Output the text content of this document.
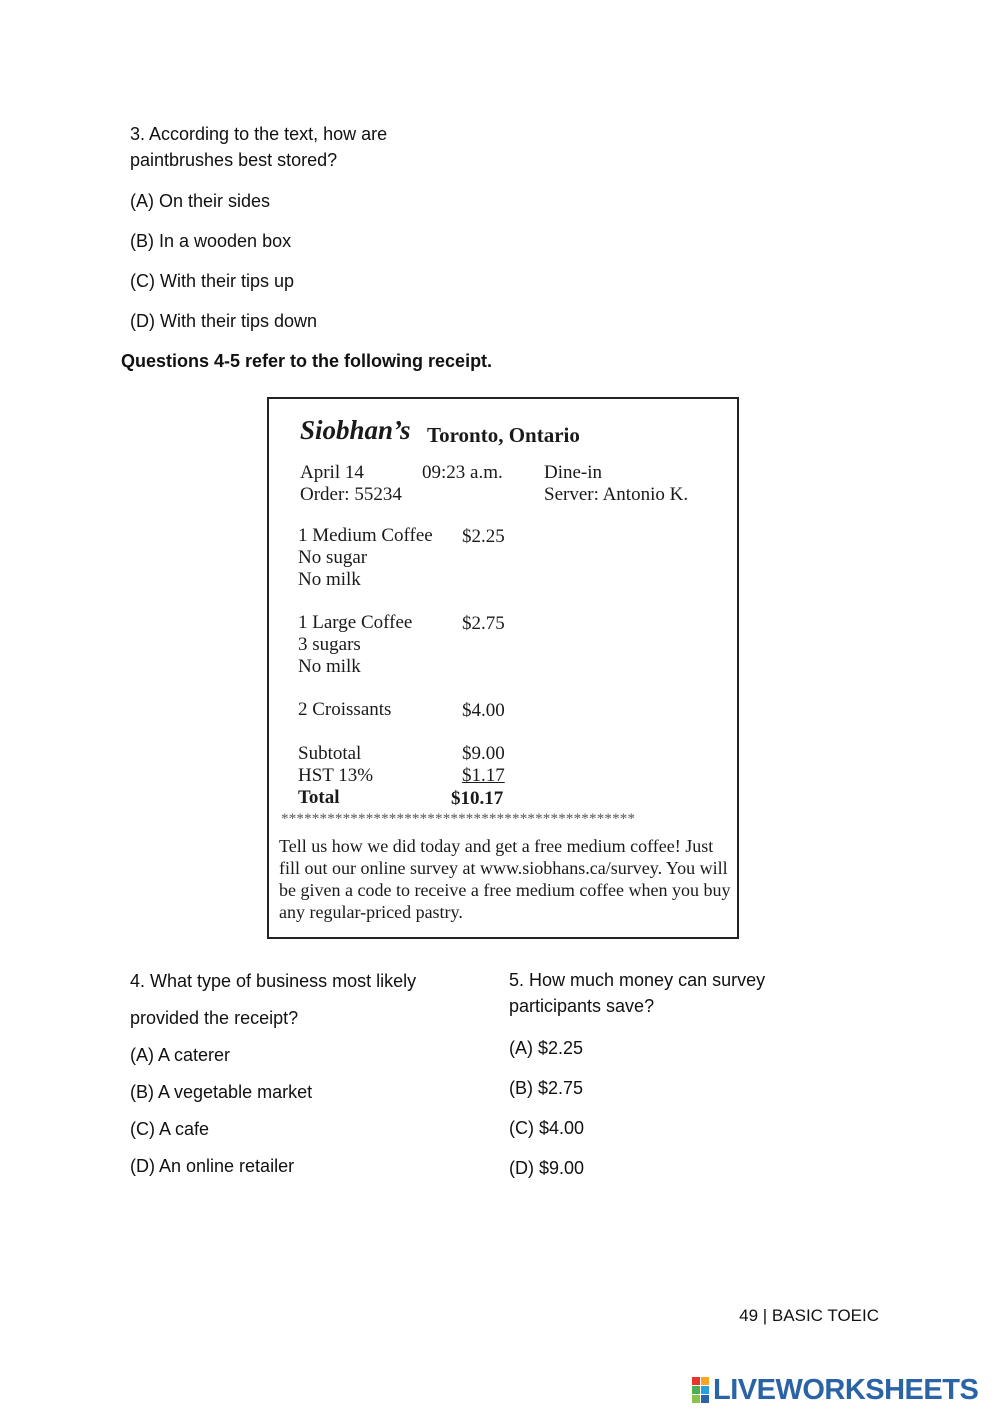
3. According to the text, how are
paintbrushes best stored?
(A) On their sides
(B) In a wooden box
(C) With their tips up
(D) With their tips down
Questions 4-5 refer to the following receipt.
Siobhan’s Toronto, Ontario
April 14	09:23 a.m. Dine-in
Order: 55234	Server: Antonio K.
1 Medium Coffee $2.25
No sugar
No milk
1 Large Coffee	$2.75
3 sugars
No milk
2 Croissants	$4.00
Subtotal	$9.00
HST 13%	$1.17
Total	$10.17
**********************************************
Tell us how we did today and get a free medium coffee! Just fill out our online survey at www.siobhans.ca/survey. You will be given a code to receive a free medium coffee when you buy any regular-priced pastry.
4. What type of business most likely
provided the receipt?
(A) A caterer
(B) A vegetable market
(C) A cafe
(D) An online retailer
5. How much money can survey
participants save?
(A) $2.25
(B) $2.75
(C) $4.00
(D) $9.00
49 | BASIC TOEIC
LIVEWORKSHEETS
